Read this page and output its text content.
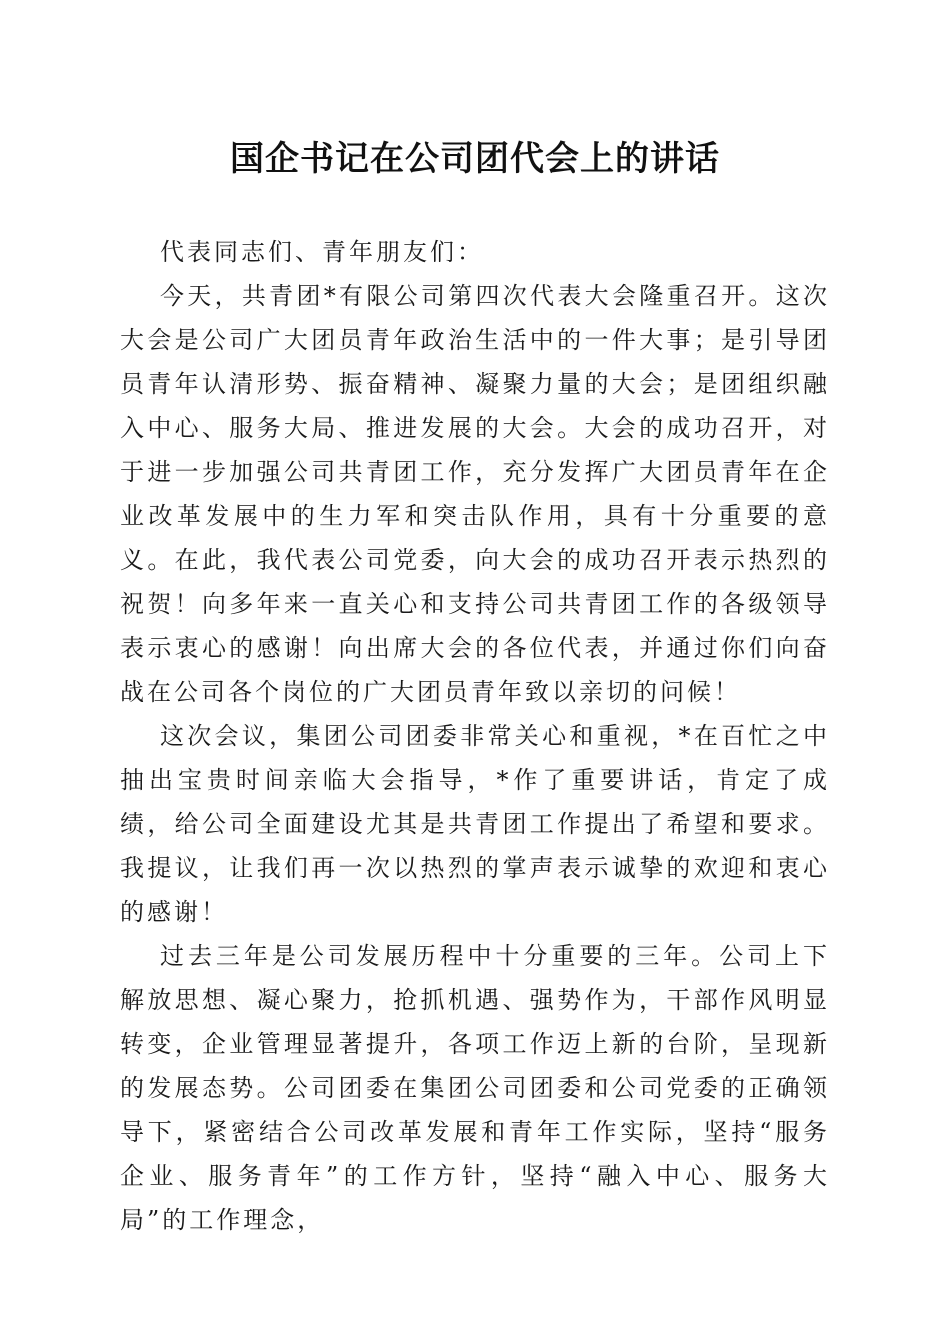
国企书记在公司团代会上的讲话

代表同志们、青年朋友们：

今天，共青团*有限公司第四次代表大会隆重召开。这次大会是公司广大团员青年政治生活中的一件大事；是引导团员青年认清形势、振奋精神、凝聚力量的大会；是团组织融入中心、服务大局、推进发展的大会。大会的成功召开，对于进一步加强公司共青团工作，充分发挥广大团员青年在企业改革发展中的生力军和突击队作用，具有十分重要的意义。在此，我代表公司党委，向大会的成功召开表示热烈的祝贺！向多年来一直关心和支持公司共青团工作的各级领导表示衷心的感谢！向出席大会的各位代表，并通过你们向奋战在公司各个岗位的广大团员青年致以亲切的问候！

这次会议，集团公司团委非常关心和重视，*在百忙之中抽出宝贵时间亲临大会指导，*作了重要讲话，肯定了成绩，给公司全面建设尤其是共青团工作提出了希望和要求。我提议，让我们再一次以热烈的掌声表示诚挚的欢迎和衷心的感谢！

过去三年是公司发展历程中十分重要的三年。公司上下解放思想、凝心聚力，抢抓机遇、强势作为，干部作风明显转变，企业管理显著提升，各项工作迈上新的台阶，呈现新的发展态势。公司团委在集团公司团委和公司党委的正确领导下，紧密结合公司改革发展和青年工作实际，坚持“服务企业、服务青年”的工作方针，坚持“融入中心、服务大局”的工作理念，
